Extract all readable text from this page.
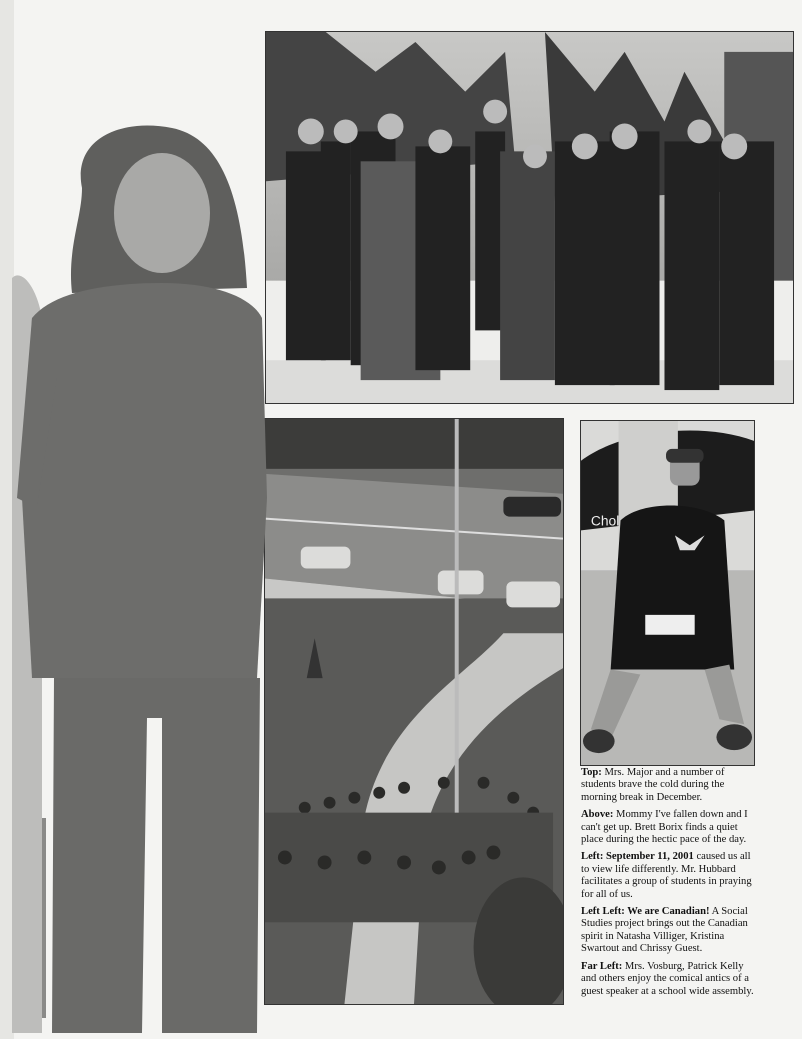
Chol

Top: Mrs. Major and a number of students brave the cold during the morning break in December.

Above: Mommy I've fallen down and I can't get up. Brett Borix finds a quiet place during the hectic pace of the day.

Left: September 11, 2001 caused us all to view life differently. Mr. Hubbard facilitates a group of students in praying for all of us.

Left Left: We are Canadian! A Social Studies project brings out the Canadian spirit in Natasha Villiger, Kristina Swartout and Chrissy Guest.

Far Left: Mrs. Vosburg, Patrick Kelly and others enjoy the comical antics of a guest speaker at a school wide assembly.
